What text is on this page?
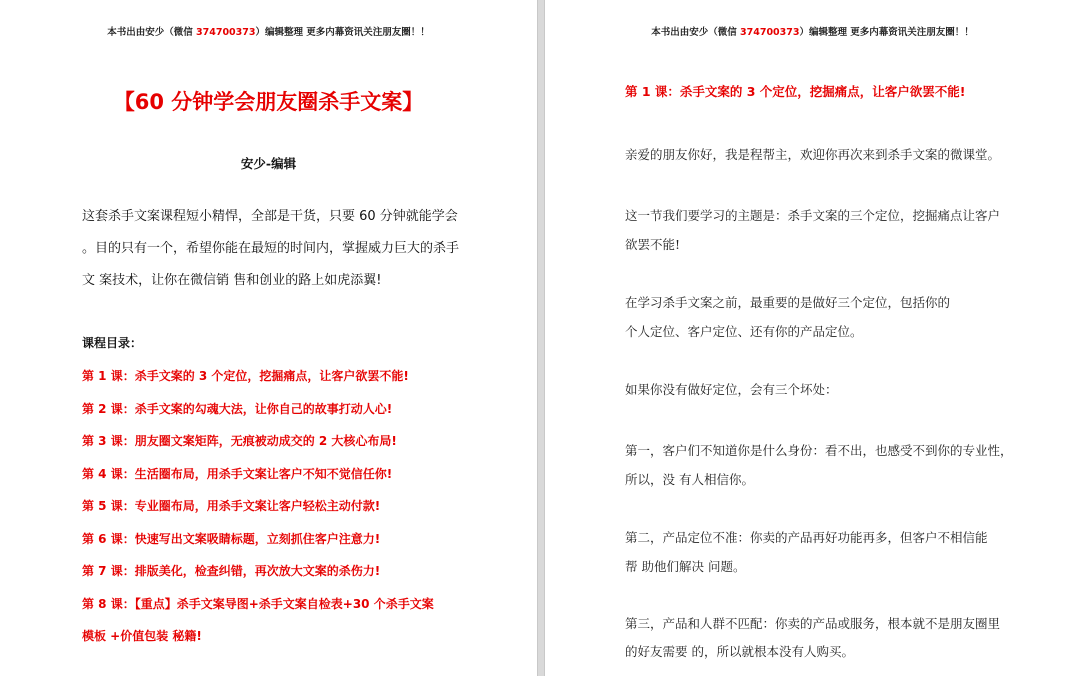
本书出由安少（微信 374700373）编辑整理 更多内幕资讯关注朋友圈！！
【60 分钟学会朋友圈杀手文案】
安少-编辑
这套杀手文案课程短小精悍，全部是干货，只要 60 分钟就能学会
。目的只有一个，希望你能在最短的时间内，掌握威力巨大的杀手
文 案技术，让你在微信销 售和创业的路上如虎添翼!
课程目录：
第 1 课：杀手文案的 3 个定位，挖掘痛点，让客户欲罢不能!
第 2 课：杀手文案的勾魂大法，让你自己的故事打动人心!
第 3 课：朋友圈文案矩阵，无痕被动成交的 2 大核心布局!
第 4 课：生活圈布局，用杀手文案让客户不知不觉信任你!
第 5 课：专业圈布局，用杀手文案让客户轻松主动付款!
第 6 课：快速写出文案吸睛标题，立刻抓住客户注意力!
第 7 课：排版美化，检查纠错，再次放大文案的杀伤力!
第 8 课：【重点】杀手文案导图+杀手文案自检表+30 个杀手文案
模板 +价值包装 秘籍!
本书出由安少（微信 374700373）编辑整理 更多内幕资讯关注朋友圈！！
第 1 课：杀手文案的 3 个定位，挖掘痛点，让客户欲罢不能!
亲爱的朋友你好，我是程帮主，欢迎你再次来到杀手文案的微课堂。
这一节我们要学习的主题是：杀手文案的三个定位，挖掘痛点让客户
欲罢不能!
在学习杀手文案之前，最重要的是做好三个定位，包括你的
个人定位、客户定位、还有你的产品定位。
如果你没有做好定位，会有三个坏处：
第一，客户们不知道你是什么身份：看不出，也感受不到你的专业性，
所以，没 有人相信你。
第二，产品定位不准：你卖的产品再好功能再多，但客户不相信能
帮 助他们解决 问题。
第三，产品和人群不匹配：你卖的产品或服务，根本就不是朋友圈里
的好友需要 的，所以就根本没有人购买。
